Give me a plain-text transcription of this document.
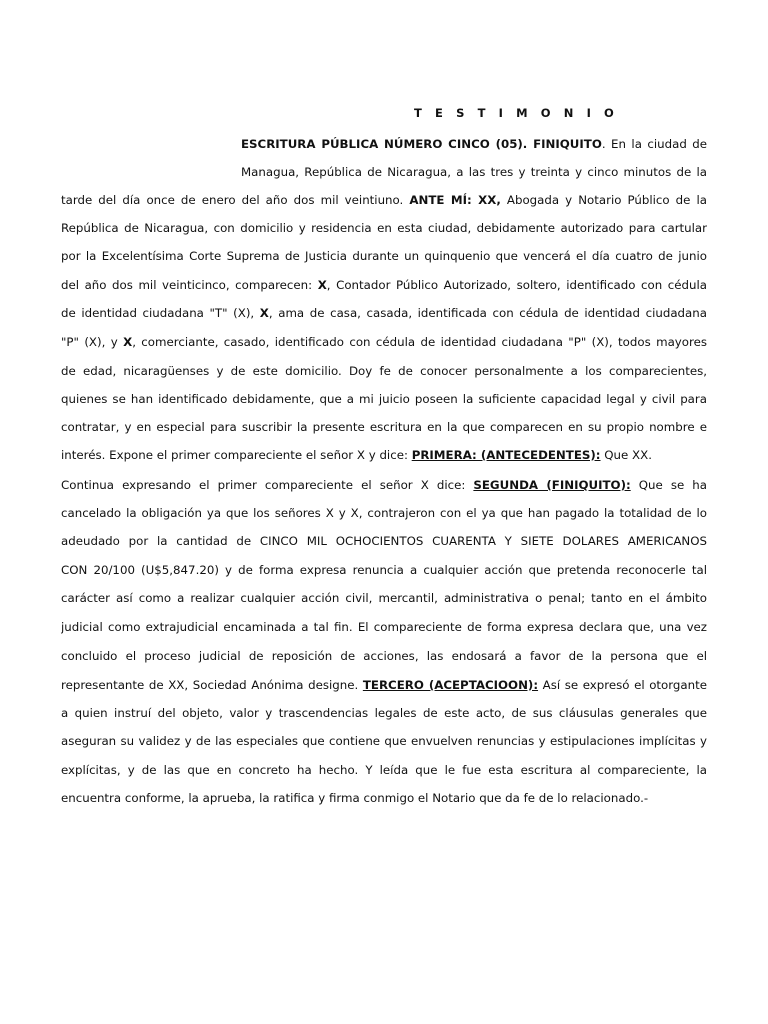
T E S T I M O N I O
ESCRITURA PÚBLICA NÚMERO CINCO (05). FINIQUITO. En la ciudad de
Managua, República de Nicaragua, a las tres y treinta y cinco minutos de la
tarde del día once de enero del año dos mil veintiuno. ANTE MÍ: XX, Abogada y Notario Público de la
República de Nicaragua, con domicilio y residencia en esta ciudad, debidamente autorizado para cartular
por la Excelentísima Corte Suprema de Justicia durante un quinquenio que vencerá el día cuatro de junio
del año dos mil veinticinco, comparecen: X, Contador Público Autorizado, soltero, identificado con cédula
de identidad ciudadana "T" (X), X, ama de casa, casada, identificada con cédula de identidad ciudadana
"P" (X), y X, comerciante, casado, identificado con cédula de identidad ciudadana "P" (X), todos mayores
de edad, nicaragüenses y de este domicilio. Doy fe de conocer personalmente a los comparecientes,
quienes se han identificado debidamente, que a mi juicio poseen la suficiente capacidad legal y civil para
contratar, y en especial para suscribir la presente escritura en la que comparecen en su propio nombre e
interés. Expone el primer compareciente el señor X y dice: PRIMERA: (ANTECEDENTES): Que XX.
Continua expresando el primer compareciente el señor X dice: SEGUNDA (FINIQUITO): Que se ha
cancelado la obligación ya que los señores X y X, contrajeron con el ya que han pagado la totalidad de lo
adeudado por la cantidad de CINCO MIL OCHOCIENTOS CUARENTA Y SIETE DOLARES AMERICANOS
CON 20/100 (U$5,847.20) y de forma expresa renuncia a cualquier acción que pretenda reconocerle tal
carácter así como a realizar cualquier acción civil, mercantil, administrativa o penal; tanto en el ámbito
judicial como extrajudicial encaminada a tal fin. El compareciente de forma expresa declara que, una vez
concluido el proceso judicial de reposición de acciones, las endosará a favor de la persona que el
representante de XX, Sociedad Anónima designe. TERCERO (ACEPTACIOON): Así se expresó el otorgante
a quien instruí del objeto, valor y trascendencias legales de este acto, de sus cláusulas generales que
aseguran su validez y de las especiales que contiene que envuelven renuncias y estipulaciones implícitas y
explícitas, y de las que en concreto ha hecho. Y leída que le fue esta escritura al compareciente, la
encuentra conforme, la aprueba, la ratifica y firma conmigo el Notario que da fe de lo relacionado.-
